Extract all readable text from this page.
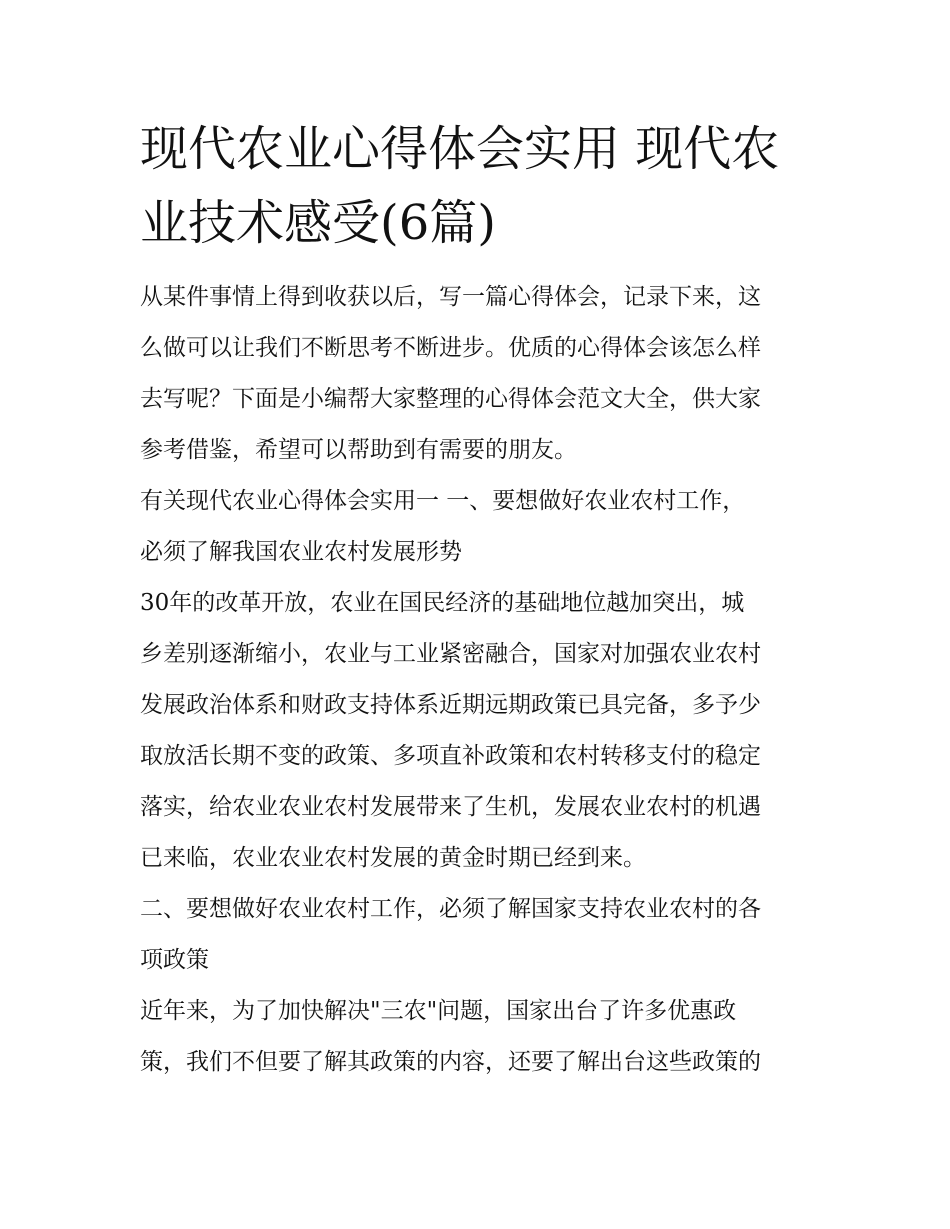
现代农业心得体会实用 现代农
业技术感受(6篇)

从某件事情上得到收获以后，写一篇心得体会，记录下来，这
么做可以让我们不断思考不断进步。优质的心得体会该怎么样
去写呢？下面是小编帮大家整理的心得体会范文大全，供大家
参考借鉴，希望可以帮助到有需要的朋友。

有关现代农业心得体会实用一 一、要想做好农业农村工作，
必须了解我国农业农村发展形势

30年的改革开放，农业在国民经济的基础地位越加突出，城
乡差别逐渐缩小，农业与工业紧密融合，国家对加强农业农村
发展政治体系和财政支持体系近期远期政策已具完备，多予少
取放活长期不变的政策、多项直补政策和农村转移支付的稳定
落实，给农业农业农村发展带来了生机，发展农业农村的机遇
已来临，农业农业农村发展的黄金时期已经到来。

二、要想做好农业农村工作，必须了解国家支持农业农村的各
项政策

近年来，为了加快解决"三农"问题，国家出台了许多优惠政
策，我们不但要了解其政策的内容，还要了解出台这些政策的
